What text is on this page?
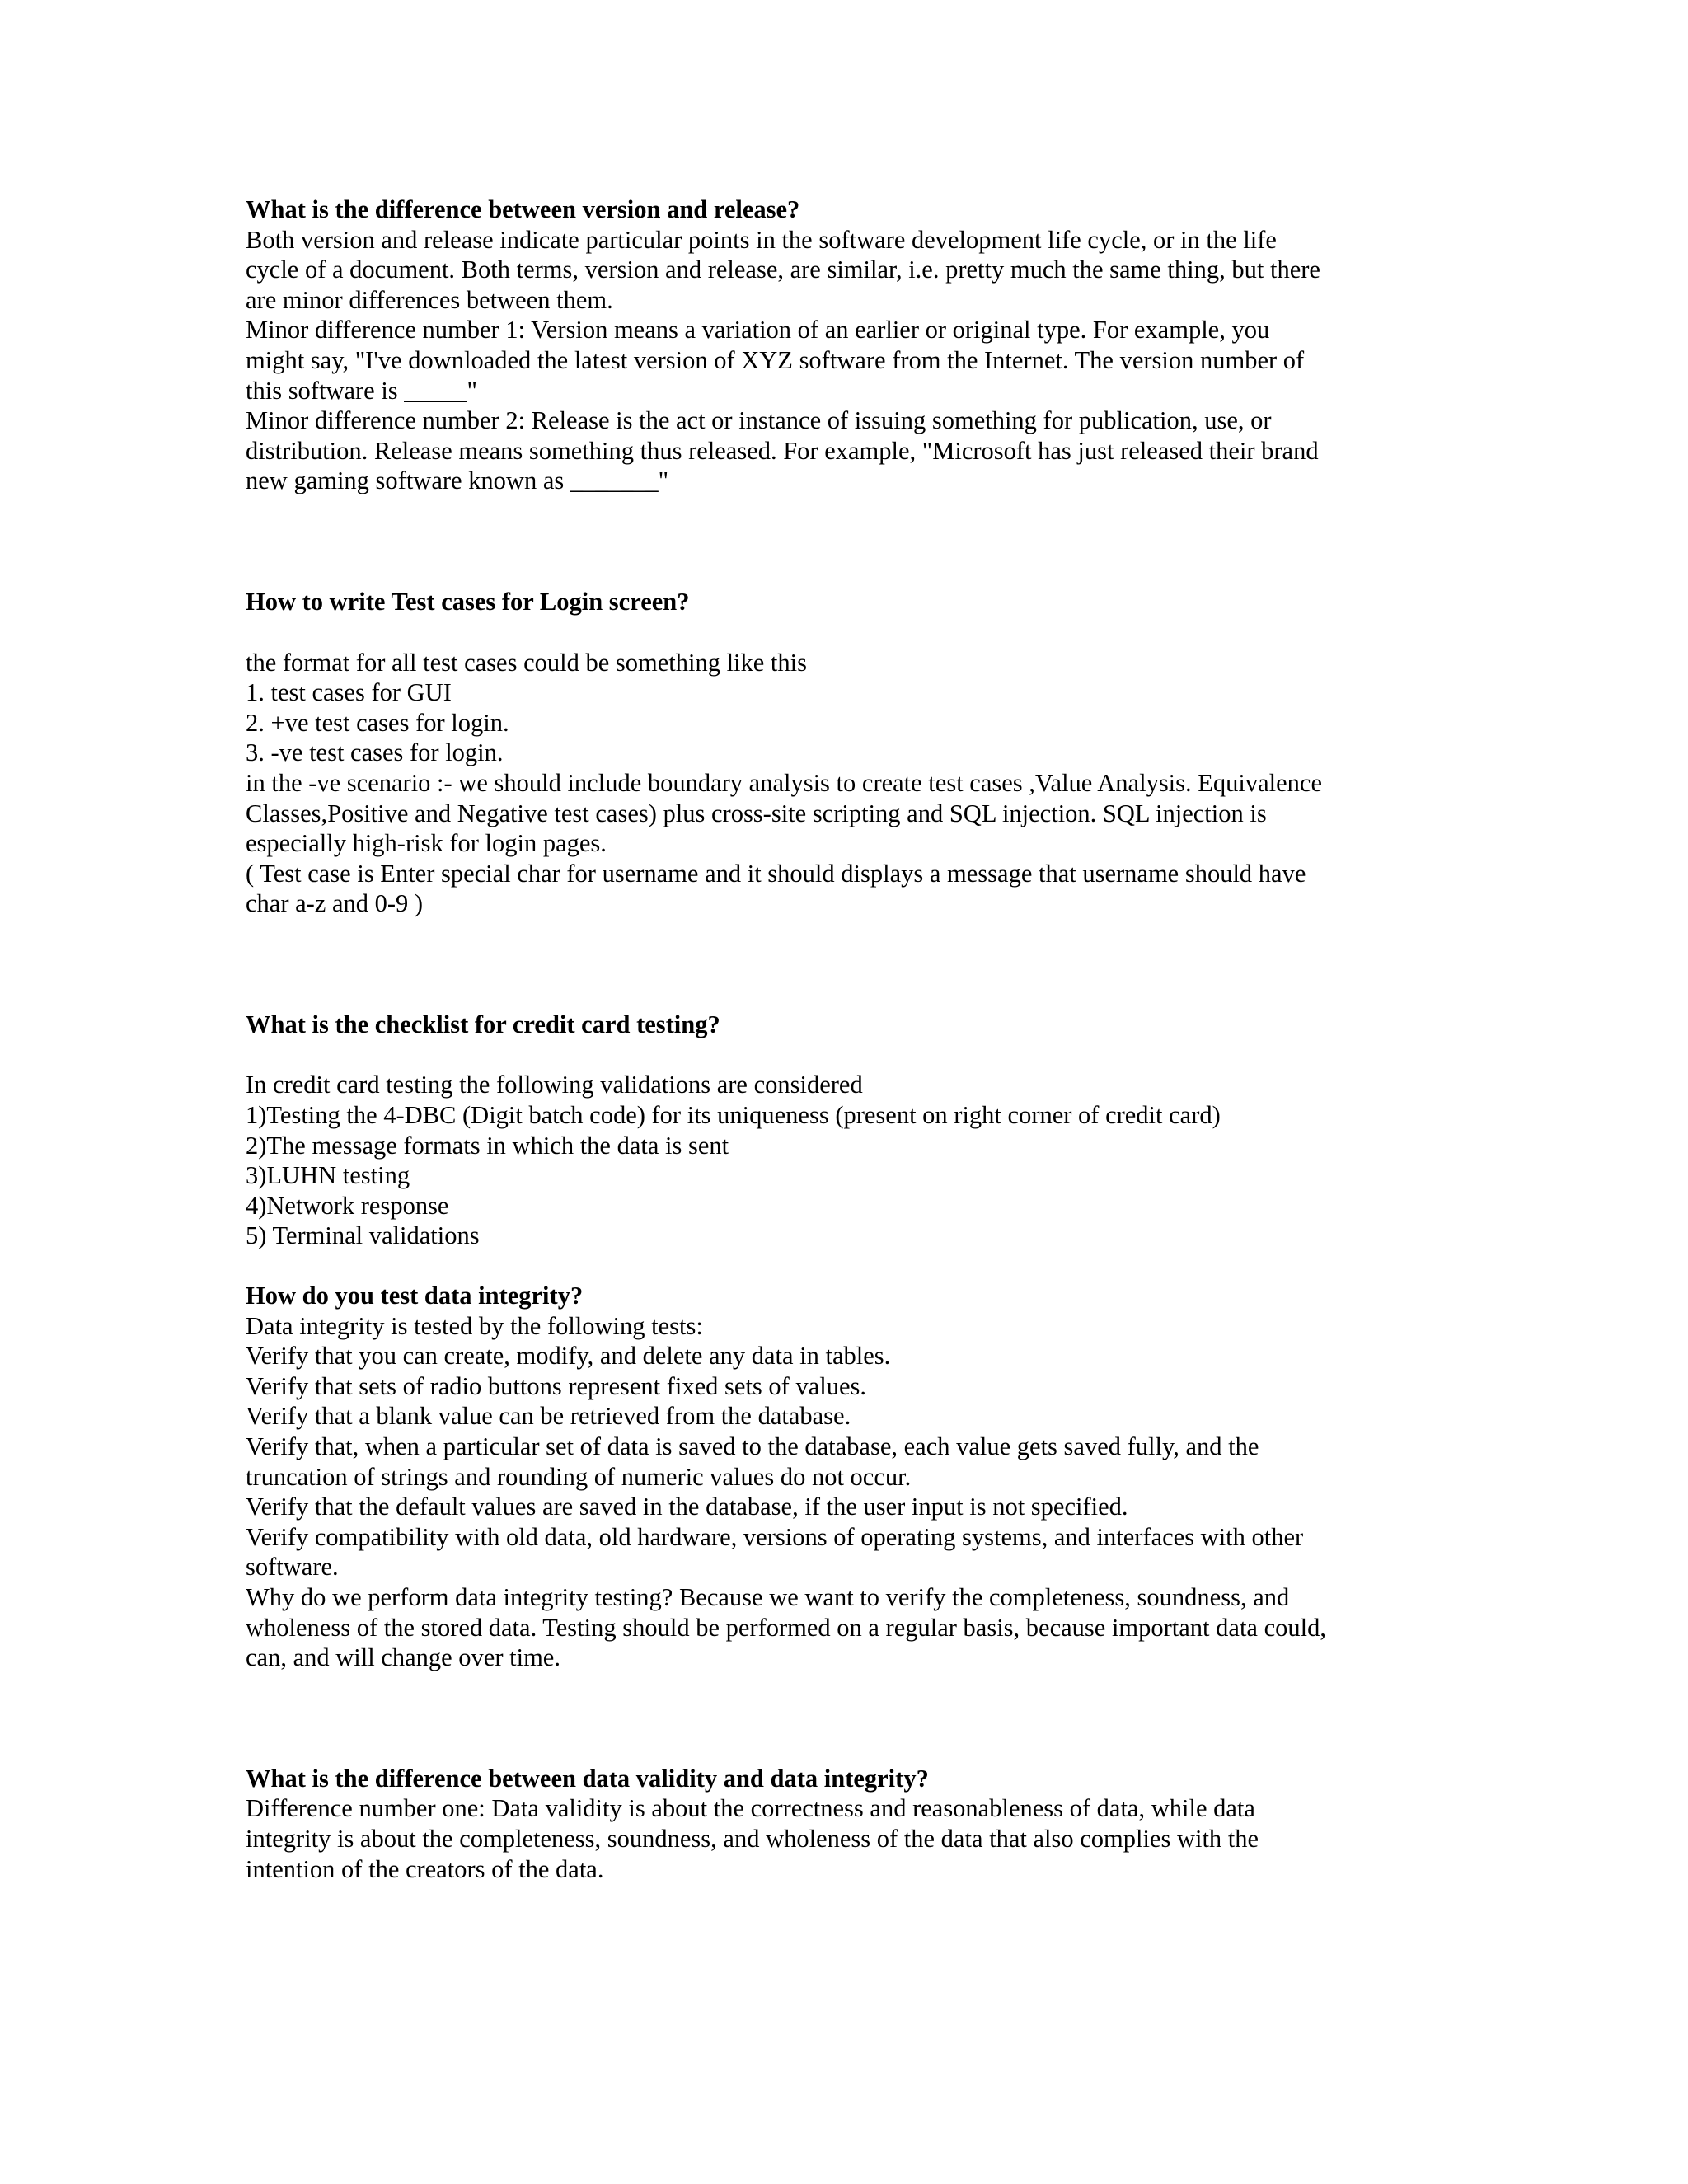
What is the difference between version and release?

Both version and release indicate particular points in the software development life cycle, or in the life

cycle of a document. Both terms, version and release, are similar, i.e. pretty much the same thing, but there

are minor differences between them.

Minor difference number 1: Version means a variation of an earlier or original type. For example, you

might say, "I've downloaded the latest version of XYZ software from the Internet. The version number of

this software is _____"

Minor difference number 2: Release is the act or instance of issuing something for publication, use, or

distribution. Release means something thus released. For example, "Microsoft has just released their brand

new gaming software known as _______"

How to write Test cases for Login screen?

the format for all test cases could be something like this

1. test cases for GUI

2. +ve test cases for login.

3. -ve test cases for login.

in the -ve scenario :- we should include boundary analysis to create test cases ,Value Analysis. Equivalence

Classes,Positive and Negative test cases) plus cross-site scripting and SQL injection. SQL injection is

especially high-risk for login pages.

( Test case is Enter special char for username and it should displays a message that username should have

char a-z and 0-9 )

What is the checklist for credit card testing?

In credit card testing the following validations are considered

1)Testing the 4-DBC (Digit batch code) for its uniqueness (present on right corner of credit card)

2)The message formats in which the data is sent

3)LUHN testing

4)Network response

5) Terminal validations

How do you test data integrity?

Data integrity is tested by the following tests:

Verify that you can create, modify, and delete any data in tables.

Verify that sets of radio buttons represent fixed sets of values.

Verify that a blank value can be retrieved from the database.

Verify that, when a particular set of data is saved to the database, each value gets saved fully, and the

truncation of strings and rounding of numeric values do not occur.

Verify that the default values are saved in the database, if the user input is not specified.

Verify compatibility with old data, old hardware, versions of operating systems, and interfaces with other

software.

Why do we perform data integrity testing? Because we want to verify the completeness, soundness, and

wholeness of the stored data. Testing should be performed on a regular basis, because important data could,

can, and will change over time.

What is the difference between data validity and data integrity?

Difference number one: Data validity is about the correctness and reasonableness of data, while data

integrity is about the completeness, soundness, and wholeness of the data that also complies with the

intention of the creators of the data.
